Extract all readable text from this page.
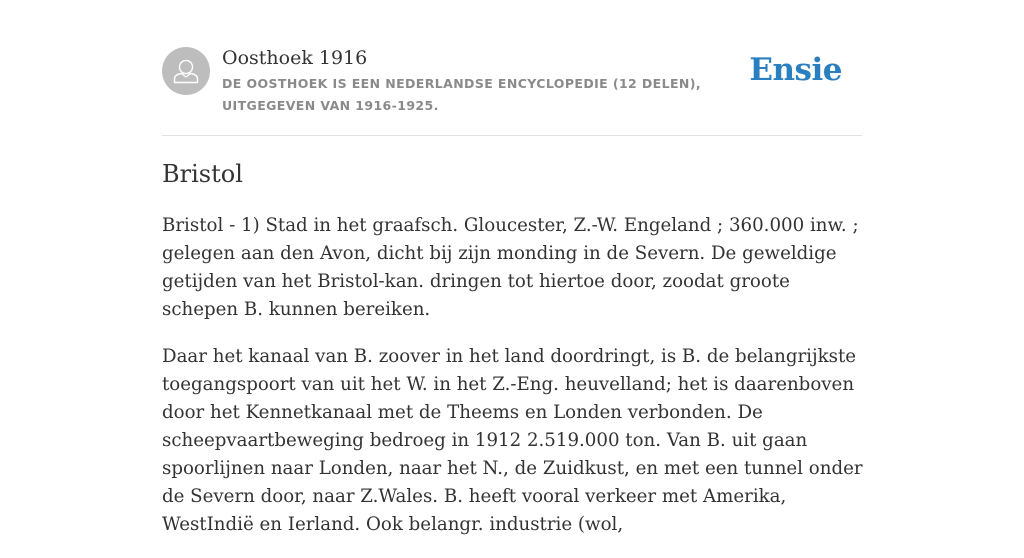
Oosthoek 1916
DE OOSTHOEK IS EEN NEDERLANDSE ENCYCLOPEDIE (12 DELEN), UITGEGEVEN VAN 1916-1925.
Ensie
Bristol

Bristol - 1) Stad in het graafsch. Gloucester, Z.-W. Engeland ; 360.000 inw. ; gelegen aan den Avon, dicht bij zijn monding in de Severn. De geweldige getijden van het Bristol-kan. dringen tot hiertoe door, zoodat groote schepen B. kunnen bereiken.

Daar het kanaal van B. zoover in het land doordringt, is B. de belangrijkste toegangspoort van uit het W. in het Z.-Eng. heuvelland; het is daarenboven door het Kennetkanaal met de Theems en Londen verbonden. De scheepvaartbeweging bedroeg in 1912 2.519.000 ton. Van B. uit gaan spoorlijnen naar Londen, naar het N., de Zuidkust, en met een tunnel onder de Severn door, naar Z.Wales. B. heeft vooral verkeer met Amerika, WestIndië en Ierland. Ook belangr. industrie (wol,
